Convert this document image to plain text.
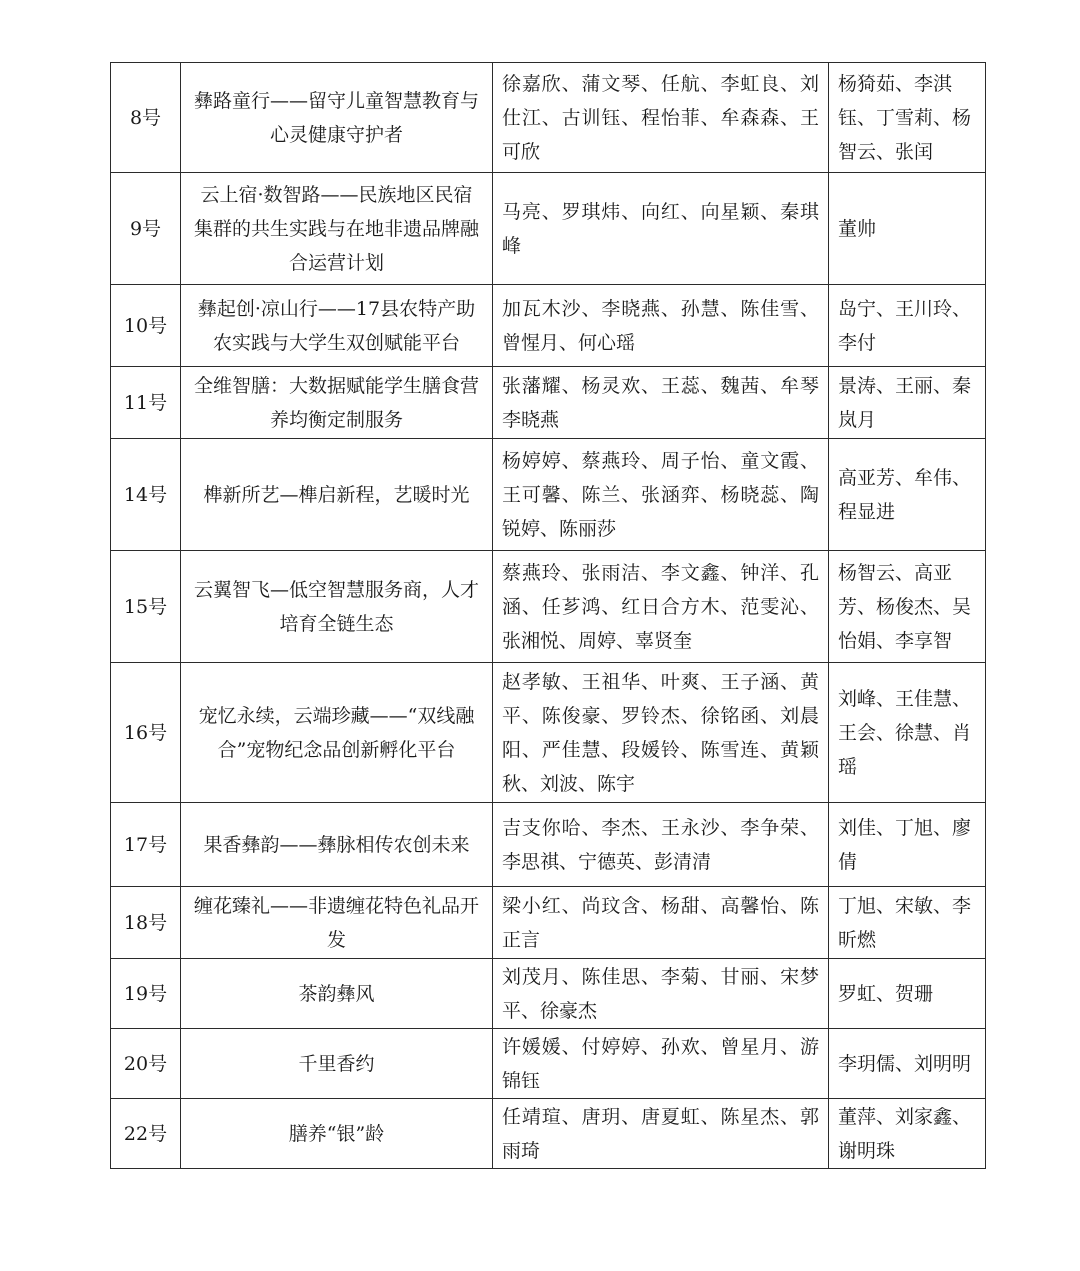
8号	彝路童行——留守儿童智慧教育与心灵健康守护者	徐嘉欣、蒲文琴、任航、李虹良、刘仕江、古训钰、程怡菲、牟森森、王可欣	杨猗茹、李淇钰、丁雪莉、杨智云、张闰
9号	云上宿·数智路——民族地区民宿集群的共生实践与在地非遗品牌融合运营计划	马亮、罗琪炜、向红、向星颖、秦琪峰	董帅
10号	彝起创·凉山行——17县农特产助农实践与大学生双创赋能平台	加瓦木沙、李晓燕、孙慧、陈佳雪、曾惺月、何心瑶	岛宁、王川玲、李付
11号	全维智膳：大数据赋能学生膳食营养均衡定制服务	张藩耀、杨灵欢、王蕊、魏茜、牟琴李晓燕	景涛、王丽、秦岚月
14号	榫新所艺—榫启新程，艺暖时光	杨婷婷、蔡燕玲、周子怡、童文霞、王可馨、陈兰、张涵弈、杨晓蕊、陶锐婷、陈丽莎	高亚芳、牟伟、程显进
15号	云翼智飞—低空智慧服务商，人才培育全链生态	蔡燕玲、张雨洁、李文鑫、钟洋、孔涵、任芗鸿、红日合方木、范雯沁、张湘悦、周婷、辜贤奎	杨智云、高亚芳、杨俊杰、吴怡娟、李享智
16号	宠忆永续，云端珍藏——“双线融合”宠物纪念品创新孵化平台	赵孝敏、王祖华、叶爽、王子涵、黄平、陈俊豪、罗铃杰、徐铭函、刘晨阳、严佳慧、段媛铃、陈雪连、黄颖秋、刘波、陈宇	刘峰、王佳慧、王会、徐慧、肖瑶
17号	果香彝韵——彝脉相传农创未来	吉支你哈、李杰、王永沙、李争荣、李思祺、宁德英、彭清清	刘佳、丁旭、廖倩
18号	缠花臻礼——非遗缠花特色礼品开发	梁小红、尚玟含、杨甜、高馨怡、陈正言	丁旭、宋敏、李昕燃
19号	茶韵彝风	刘茂月、陈佳思、李菊、甘丽、宋梦平、徐豪杰	罗虹、贺珊
20号	千里香约	许媛媛、付婷婷、孙欢、曾星月、游锦钰	李玥儒、刘明明
22号	膳养“银”龄	任靖瑄、唐玥、唐夏虹、陈星杰、郭雨琦	董萍、刘家鑫、谢明珠
